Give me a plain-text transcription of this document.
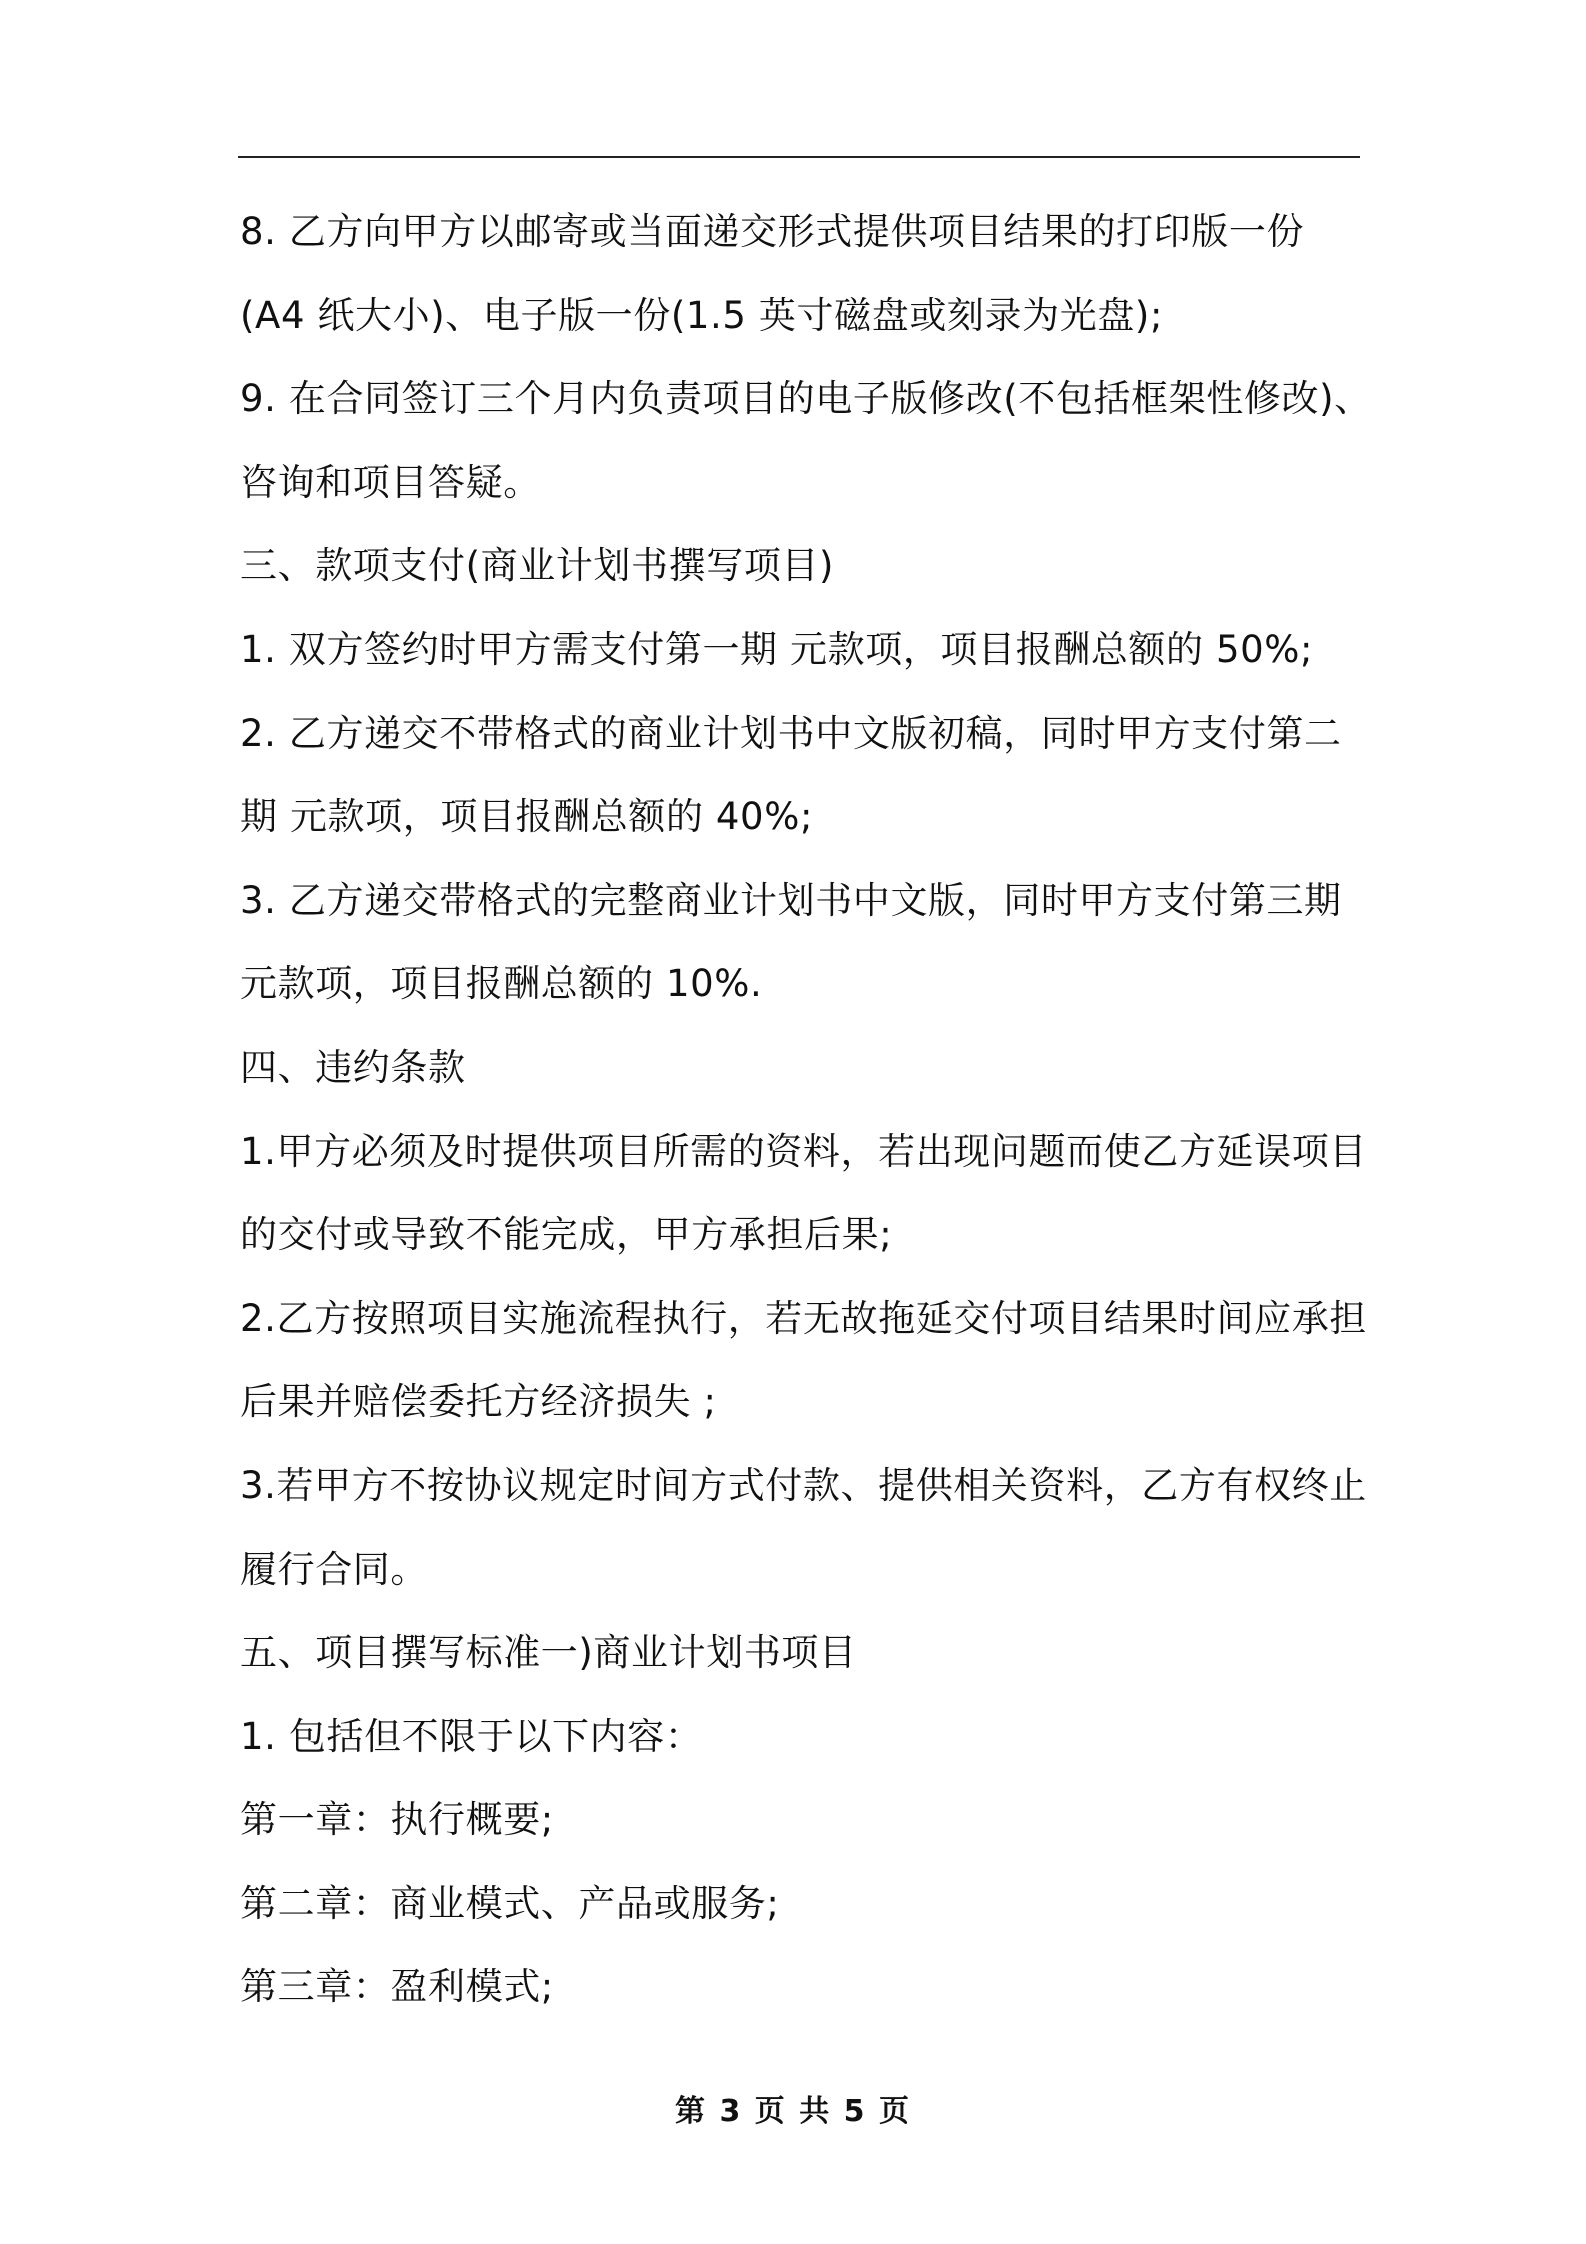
8. 乙方向甲方以邮寄或当面递交形式提供项目结果的打印版一份
(A4 纸大小)、电子版一份(1.5 英寸磁盘或刻录为光盘);
9. 在合同签订三个月内负责项目的电子版修改(不包括框架性修改)、
咨询和项目答疑。
三、款项支付(商业计划书撰写项目)
1. 双方签约时甲方需支付第一期 元款项，项目报酬总额的 50%;
2. 乙方递交不带格式的商业计划书中文版初稿，同时甲方支付第二
期 元款项，项目报酬总额的 40%;
3. 乙方递交带格式的完整商业计划书中文版，同时甲方支付第三期
元款项，项目报酬总额的 10%.
四、违约条款
1.甲方必须及时提供项目所需的资料，若出现问题而使乙方延误项目
的交付或导致不能完成，甲方承担后果;
2.乙方按照项目实施流程执行，若无故拖延交付项目结果时间应承担
后果并赔偿委托方经济损失 ;
3.若甲方不按协议规定时间方式付款、提供相关资料，乙方有权终止
履行合同。
五、项目撰写标准一)商业计划书项目
1. 包括但不限于以下内容：
第一章：执行概要;
第二章：商业模式、产品或服务;
第三章：盈利模式;
第 3 页 共 5 页
